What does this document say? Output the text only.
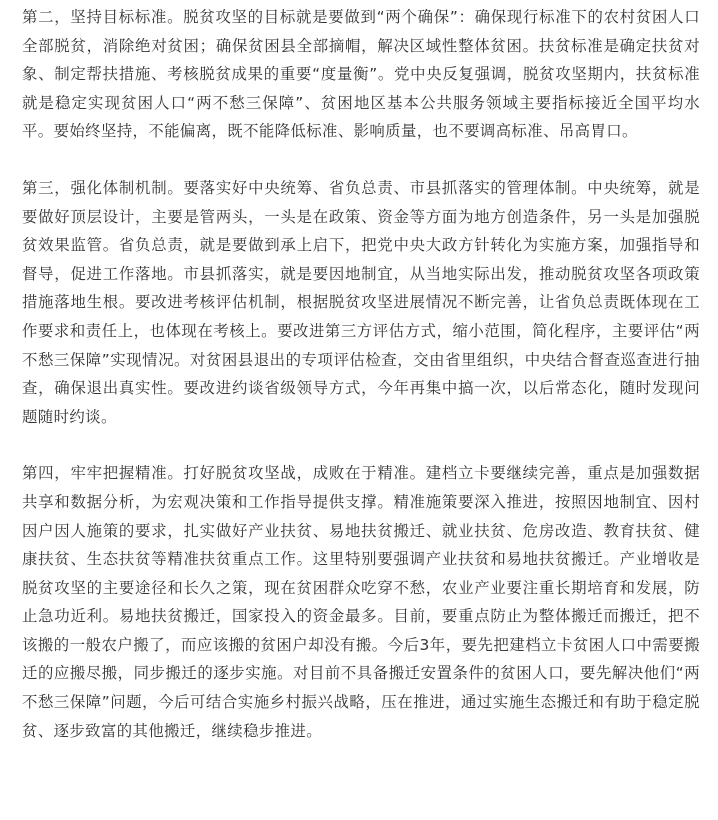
第二，坚持目标标准。脱贫攻坚的目标就是要做到“两个确保”：确保现行标准下的农村贫困人口全部脱贫，消除绝对贫困；确保贫困县全部摘帽，解决区域性整体贫困。扶贫标准是确定扶贫对象、制定帮扶措施、考核脱贫成果的重要“度量衡”。党中央反复强调，脱贫攻坚期内，扶贫标准就是稳定实现贫困人口“两不愁三保障”、贫困地区基本公共服务领域主要指标接近全国平均水平。要始终坚持，不能偏离，既不能降低标准、影响质量，也不要调高标准、吊高胃口。

第三，强化体制机制。要落实好中央统筹、省负总责、市县抓落实的管理体制。中央统筹，就是要做好顶层设计，主要是管两头，一头是在政策、资金等方面为地方创造条件，另一头是加强脱贫效果监管。省负总责，就是要做到承上启下，把党中央大政方针转化为实施方案，加强指导和督导，促进工作落地。市县抓落实，就是要因地制宜，从当地实际出发，推动脱贫攻坚各项政策措施落地生根。要改进考核评估机制，根据脱贫攻坚进展情况不断完善，让省负总责既体现在工作要求和责任上，也体现在考核上。要改进第三方评估方式，缩小范围，简化程序，主要评估“两不愁三保障”实现情况。对贫困县退出的专项评估检查，交由省里组织，中央结合督查巡查进行抽查，确保退出真实性。要改进约谈省级领导方式，今年再集中搞一次，以后常态化，随时发现问题随时约谈。

第四，牢牢把握精准。打好脱贫攻坚战，成败在于精准。建档立卡要继续完善，重点是加强数据共享和数据分析，为宏观决策和工作指导提供支撑。精准施策要深入推进，按照因地制宜、因村因户因人施策的要求，扎实做好产业扶贫、易地扶贫搬迁、就业扶贫、危房改造、教育扶贫、健康扶贫、生态扶贫等精准扶贫重点工作。这里特别要强调产业扶贫和易地扶贫搬迁。产业增收是脱贫攻坚的主要途径和长久之策，现在贫困群众吃穿不愁，农业产业要注重长期培育和发展，防止急功近利。易地扶贫搬迁，国家投入的资金最多。目前，要重点防止为整体搬迁而搬迁，把不该搬的一般农户搬了，而应该搬的贫困户却没有搬。今后3年，要先把建档立卡贫困人口中需要搬迁的应搬尽搬，同步搬迁的逐步实施。对目前不具备搬迁安置条件的贫困人口，要先解决他们“两不愁三保障”问题，今后可结合实施乡村振兴战略，压在推进，通过实施生态搬迁和有助于稳定脱贫、逐步致富的其他搬迁，继续稳步推进。
